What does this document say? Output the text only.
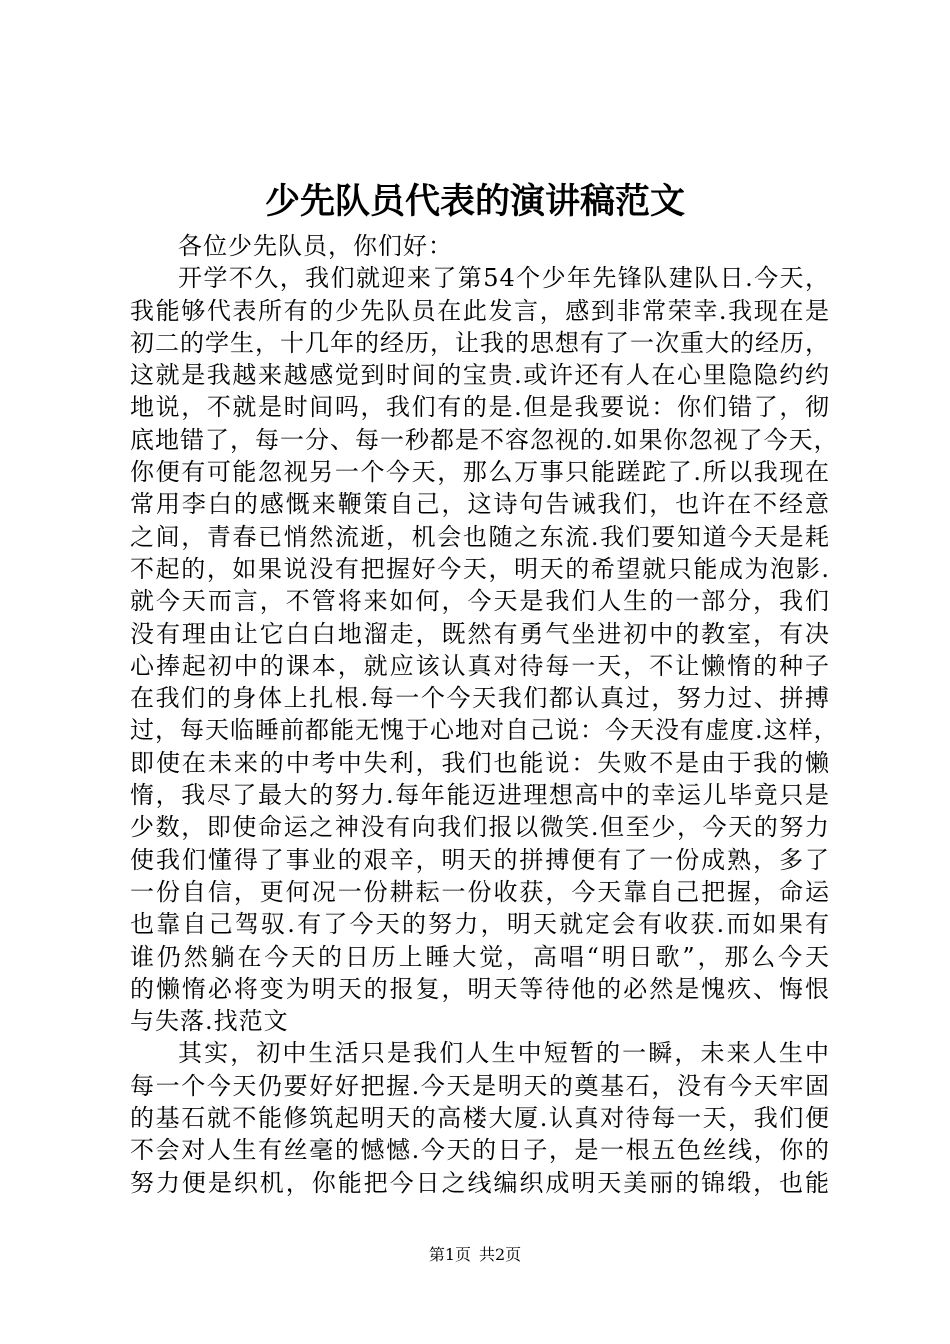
少先队员代表的演讲稿范文
各位少先队员，你们好：
开学不久，我们就迎来了第54个少年先锋队建队日.今天，
我能够代表所有的少先队员在此发言，感到非常荣幸.我现在是
初二的学生，十几年的经历，让我的思想有了一次重大的经历，
这就是我越来越感觉到时间的宝贵.或许还有人在心里隐隐约约
地说，不就是时间吗，我们有的是.但是我要说：你们错了，彻
底地错了，每一分、每一秒都是不容忽视的.如果你忽视了今天，
你便有可能忽视另一个今天，那么万事只能蹉跎了.所以我现在
常用李白的感慨来鞭策自己，这诗句告诫我们，也许在不经意
之间，青春已悄然流逝，机会也随之东流.我们要知道今天是耗
不起的，如果说没有把握好今天，明天的希望就只能成为泡影.
就今天而言，不管将来如何，今天是我们人生的一部分，我们
没有理由让它白白地溜走，既然有勇气坐进初中的教室，有决
心捧起初中的课本，就应该认真对待每一天，不让懒惰的种子
在我们的身体上扎根.每一个今天我们都认真过，努力过、拼搏
过，每天临睡前都能无愧于心地对自己说：今天没有虚度.这样，
即使在未来的中考中失利，我们也能说：失败不是由于我的懒
惰，我尽了最大的努力.每年能迈进理想高中的幸运儿毕竟只是
少数，即使命运之神没有向我们报以微笑.但至少，今天的努力
使我们懂得了事业的艰辛，明天的拼搏便有了一份成熟，多了
一份自信，更何况一份耕耘一份收获，今天靠自己把握，命运
也靠自己驾驭.有了今天的努力，明天就定会有收获.而如果有
谁仍然躺在今天的日历上睡大觉，高唱“明日歌”，那么今天
的懒惰必将变为明天的报复，明天等待他的必然是愧疚、悔恨
与失落.找范文
其实，初中生活只是我们人生中短暂的一瞬，未来人生中
每一个今天仍要好好把握.今天是明天的奠基石，没有今天牢固
的基石就不能修筑起明天的高楼大厦.认真对待每一天，我们便
不会对人生有丝毫的憾憾.今天的日子，是一根五色丝线，你的
努力便是织机，你能把今日之线编织成明天美丽的锦缎，也能
第1页 共2页
